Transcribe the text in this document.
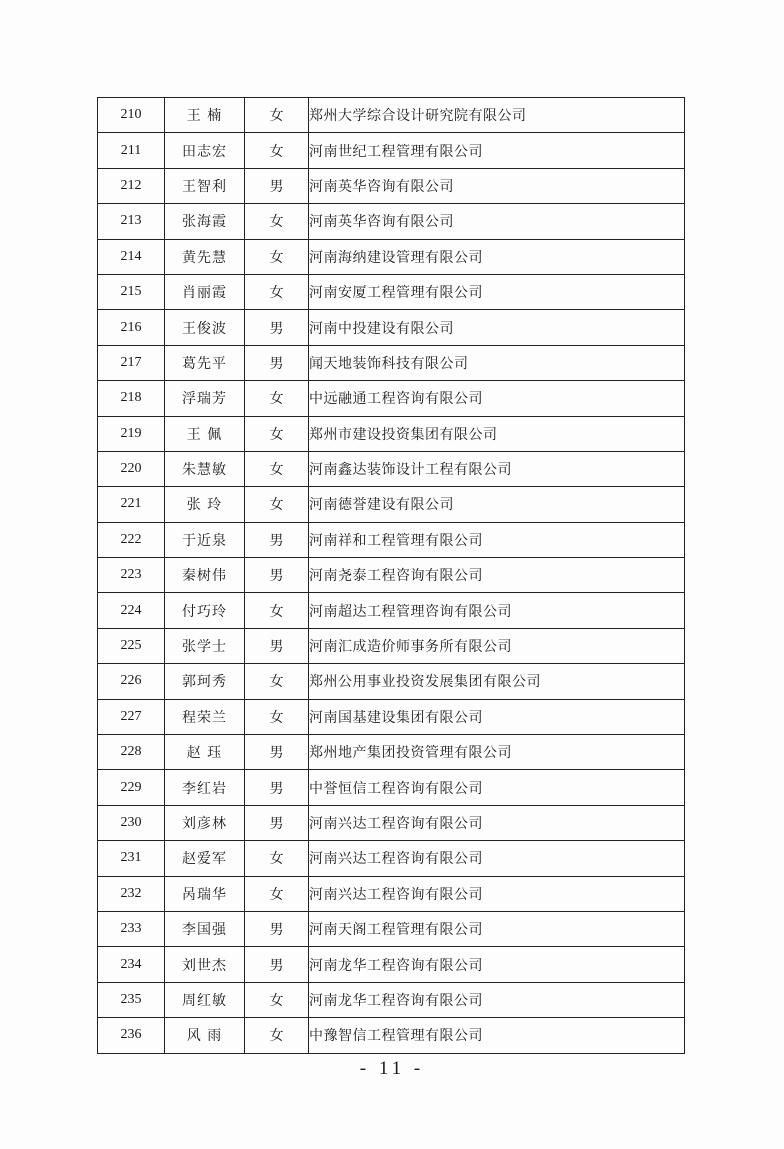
210	王 楠	女	郑州大学综合设计研究院有限公司
211	田志宏	女	河南世纪工程管理有限公司
212	王智利	男	河南英华咨询有限公司
213	张海霞	女	河南英华咨询有限公司
214	黄先慧	女	河南海纳建设管理有限公司
215	肖丽霞	女	河南安厦工程管理有限公司
216	王俊波	男	河南中投建设有限公司
217	葛先平	男	闻天地装饰科技有限公司
218	浮瑞芳	女	中远融通工程咨询有限公司
219	王 佩	女	郑州市建设投资集团有限公司
220	朱慧敏	女	河南鑫达装饰设计工程有限公司
221	张 玲	女	河南德誉建设有限公司
222	于近泉	男	河南祥和工程管理有限公司
223	秦树伟	男	河南尧泰工程咨询有限公司
224	付巧玲	女	河南超达工程管理咨询有限公司
225	张学士	男	河南汇成造价师事务所有限公司
226	郭珂秀	女	郑州公用事业投资发展集团有限公司
227	程荣兰	女	河南国基建设集团有限公司
228	赵 珏	男	郑州地产集团投资管理有限公司
229	李红岩	男	中誉恒信工程咨询有限公司
230	刘彦林	男	河南兴达工程咨询有限公司
231	赵爱军	女	河南兴达工程咨询有限公司
232	呙瑞华	女	河南兴达工程咨询有限公司
233	李国强	男	河南天阁工程管理有限公司
234	刘世杰	男	河南龙华工程咨询有限公司
235	周红敏	女	河南龙华工程咨询有限公司
236	风 雨	女	中豫智信工程管理有限公司
- 11 -
